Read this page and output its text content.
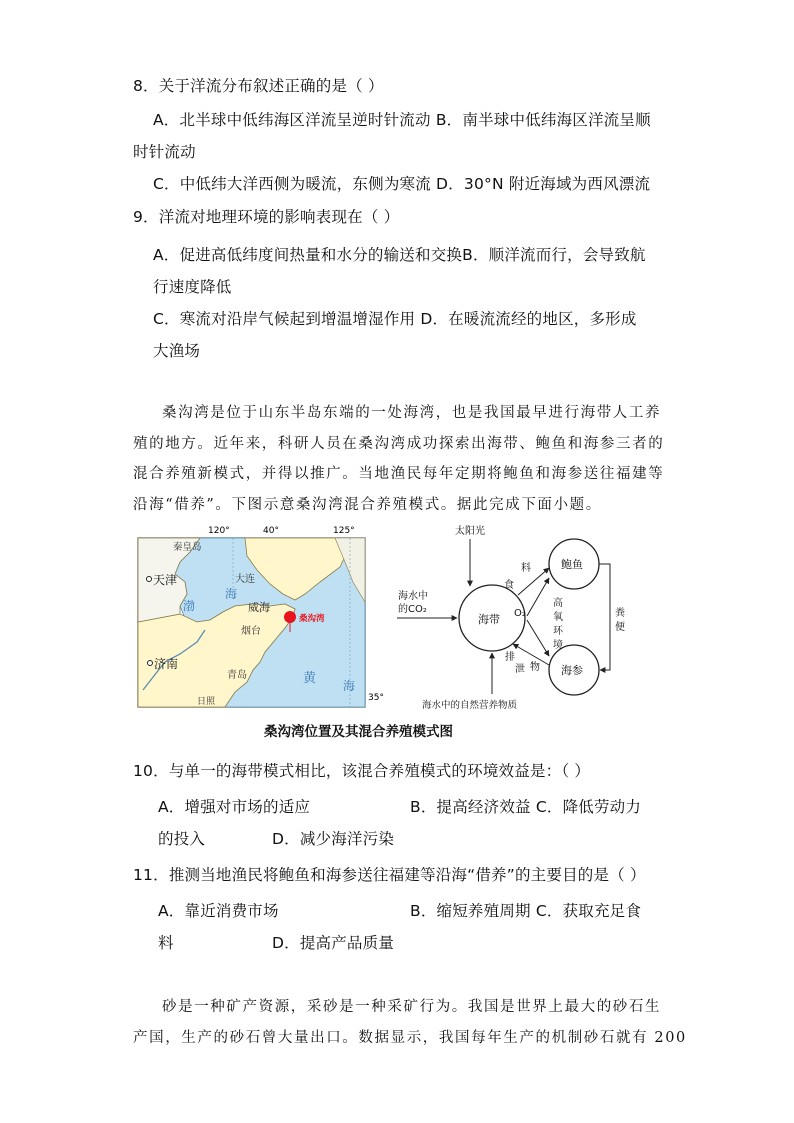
8．关于洋流分布叙述正确的是（ ）
A．北半球中低纬海区洋流呈逆时针流动 B．南半球中低纬海区洋流呈顺
时针流动
C．中低纬大洋西侧为暖流，东侧为寒流 D．30°N 附近海域为西风漂流
9．洋流对地理环境的影响表现在（ ）
A．促进高低纬度间热量和水分的输送和交换B．顺洋流而行，会导致航
行速度降低
C．寒流对沿岸气候起到增温增湿作用 D．在暖流流经的地区，多形成
大渔场
桑沟湾是位于山东半岛东端的一处海湾，也是我国最早进行海带人工养
殖的地方。近年来，科研人员在桑沟湾成功探索出海带、鲍鱼和海参三者的
混合养殖新模式，并得以推广。当地渔民每年定期将鲍鱼和海参送往福建等
沿海“借养”。下图示意桑沟湾混合养殖模式。据此完成下面小题。
120°	40°	125°
35°
秦皇岛
天津	大连
威海
烟台
济南
青岛
日照
渤
海
黄 海
桑沟湾	海带
鲍鱼
海参
太阳光
海水中
的CO₂
食
料
O₂
高
氧
环
境
排
泄 物
粪
便
海水中的自然营养物质
桑沟湾位置及其混合养殖模式图
10．与单一的海带模式相比，该混合养殖模式的环境效益是：（ ）
A．增强对市场的适应	B．提高经济效益 C．降低劳动力
的投入	D．减少海洋污染
11．推测当地渔民将鲍鱼和海参送往福建等沿海“借养”的主要目的是（ ）
A．靠近消费市场	B．缩短养殖周期 C．获取充足食
料	D．提高产品质量
砂是一种矿产资源，采砂是一种采矿行为。我国是世界上最大的砂石生
产国，生产的砂石曾大量出口。数据显示，我国每年生产的机制砂石就有 200
